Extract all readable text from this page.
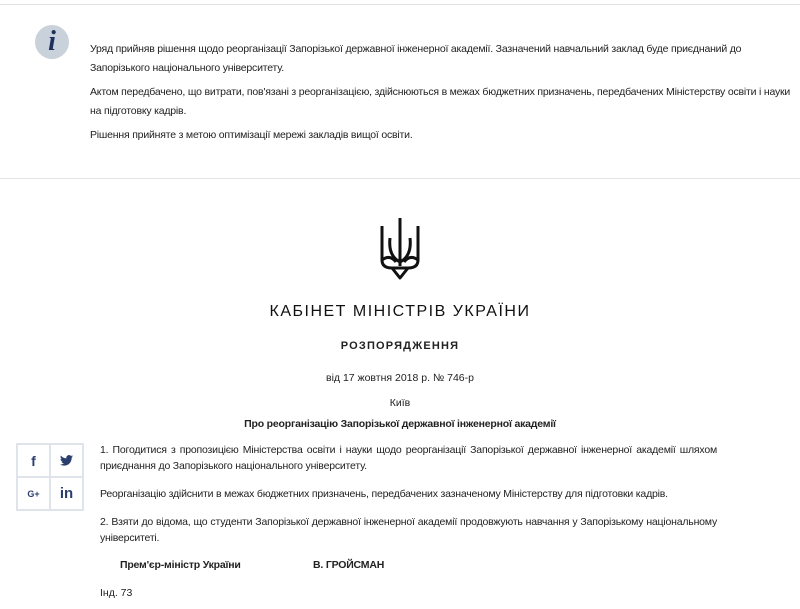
i	Уряд прийняв рішення щодо реорганізації Запорізької державної інженерної академії. Зазначений навчальний заклад буде приєднаний до Запорізького національного університету.

Актом передбачено, що витрати, пов'язані з реорганізацією, здійснюються в межах бюджетних призначень, передбачених Міністерству освіти і науки на підготовку кадрів.

Рішення прийняте з метою оптимізації мережі закладів вищої освіти.

КАБІНЕТ МІНІСТРІВ УКРАЇНИ
РОЗПОРЯДЖЕННЯ
від 17 жовтня 2018 р. № 746-р
Київ
Про реорганізацію Запорізької державної інженерної академії
f
G+ in

1. Погодитися з пропозицією Міністерства освіти і науки щодо реорганізації Запорізької державної інженерної академії шляхом приєднання до Запорізького національного університету.

Реорганізацію здійснити в межах бюджетних призначень, передбачених зазначеному Міністерству для підготовки кадрів.

2. Взяти до відома, що студенти Запорізької державної інженерної академії продовжують навчання у Запорізькому національному університеті.

Прем'єр-міністр України	В. ГРОЙСМАН
Інд. 73
